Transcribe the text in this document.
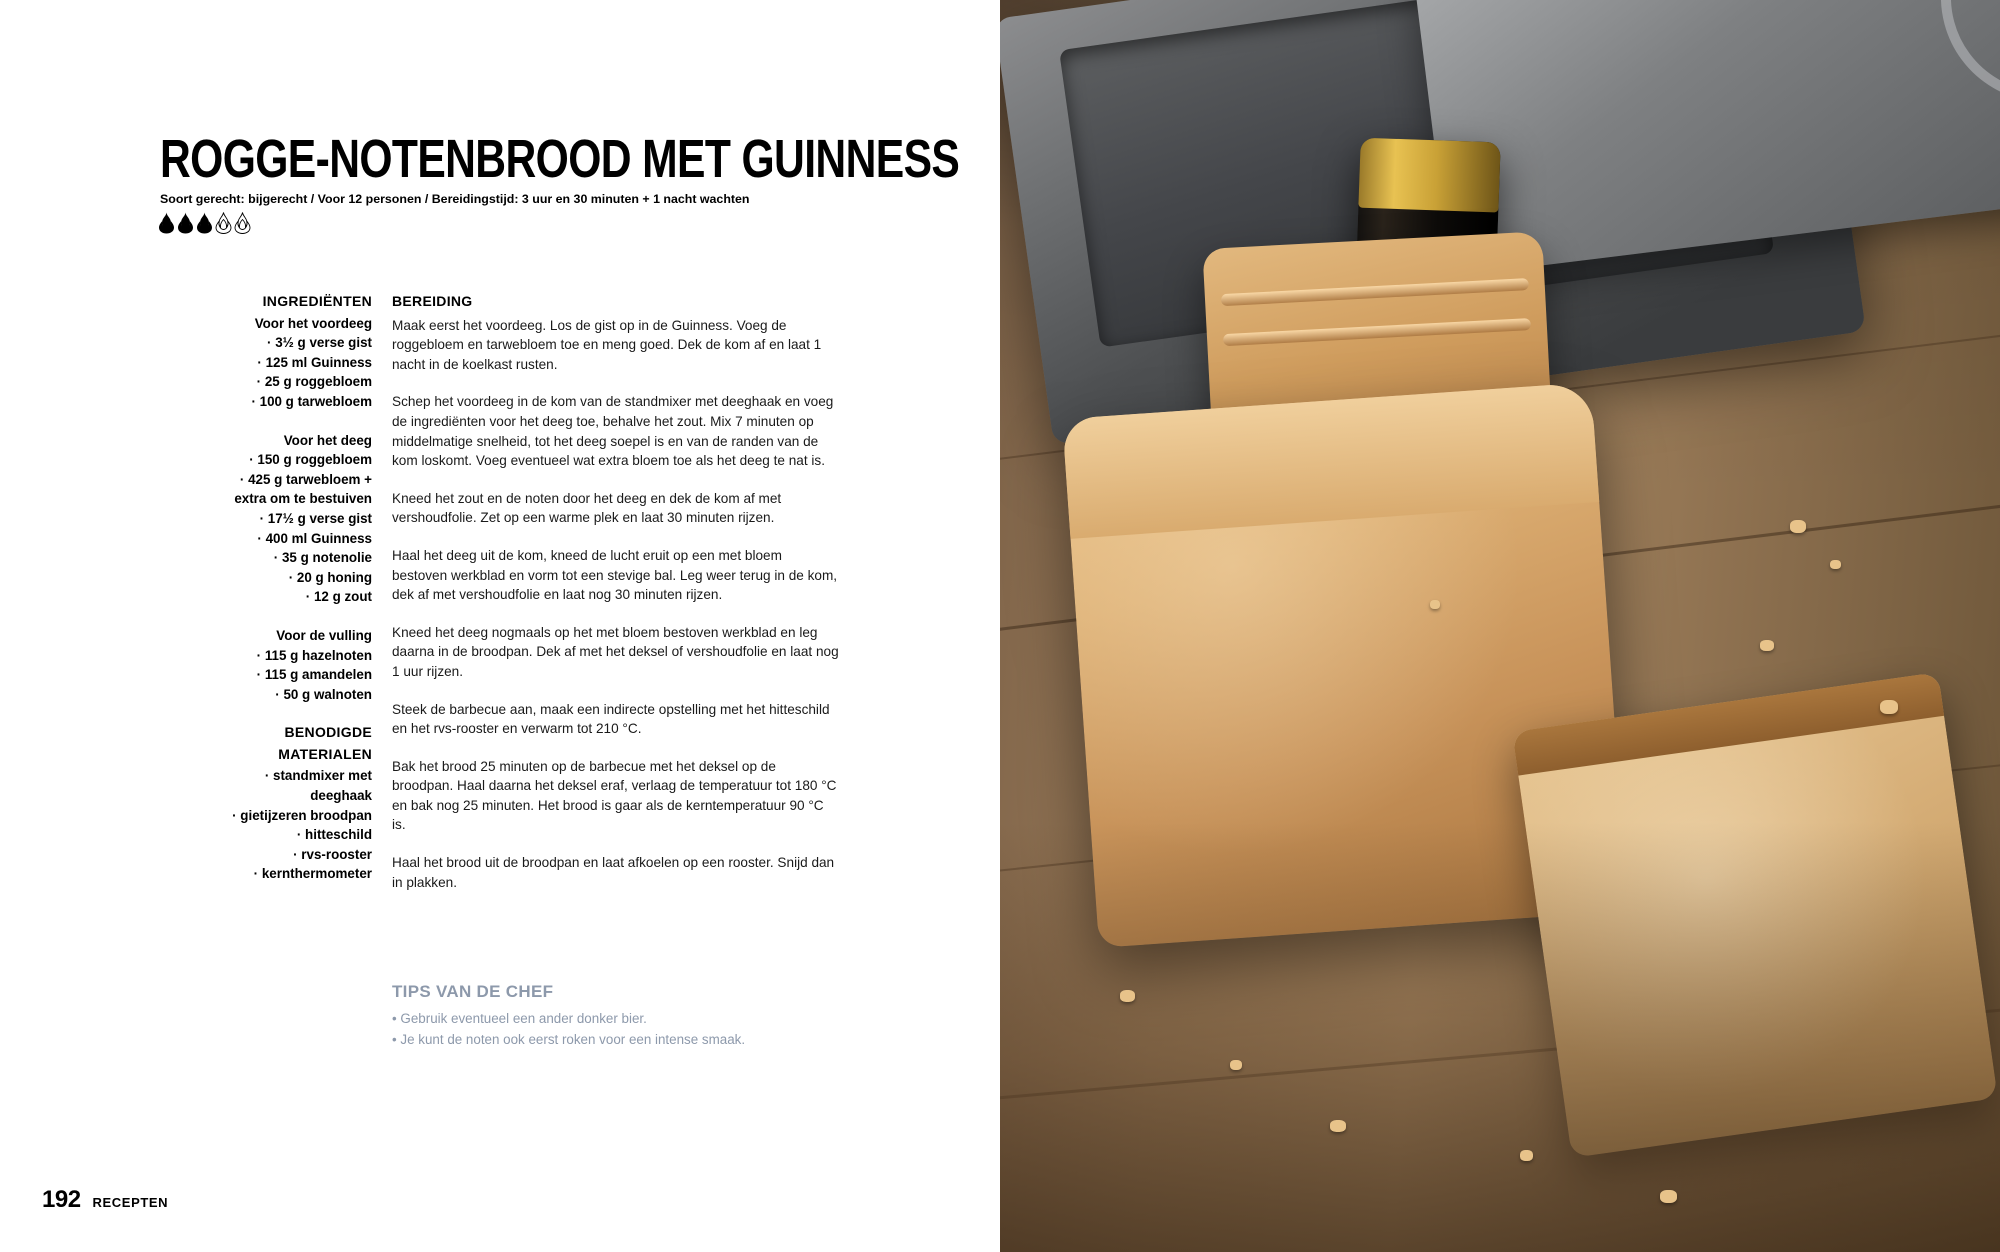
ROGGE-NOTENBROOD MET GUINNESS
Soort gerecht: bijgerecht / Voor 12 personen / Bereidingstijd: 3 uur en 30 minuten + 1 nacht wachten
INGREDIËNTEN
Voor het voordeeg
· 3½ g verse gist
· 125 ml Guinness
· 25 g roggebloem
· 100 g tarwebloem
Voor het deeg
· 150 g roggebloem
· 425 g tarwebloem +
extra om te bestuiven
· 17½ g verse gist
· 400 ml Guinness
· 35 g notenolie
· 20 g honing
· 12 g zout
Voor de vulling
· 115 g hazelnoten
· 115 g amandelen
· 50 g walnoten
BENODIGDE
MATERIALEN
· standmixer met
deeghaak
· gietijzeren broodpan
· hitteschild
· rvs-rooster
· kernthermometer
BEREIDING

Maak eerst het voordeeg. Los de gist op in de Guinness. Voeg de roggebloem en tarwebloem toe en meng goed. Dek de kom af en laat 1 nacht in de koelkast rusten.

Schep het voordeeg in de kom van de standmixer met deeghaak en voeg de ingrediënten voor het deeg toe, behalve het zout. Mix 7 minuten op middelmatige snelheid, tot het deeg soepel is en van de randen van de kom loskomt. Voeg eventueel wat extra bloem toe als het deeg te nat is.

Kneed het zout en de noten door het deeg en dek de kom af met vershoudfolie. Zet op een warme plek en laat 30 minuten rijzen.

Haal het deeg uit de kom, kneed de lucht eruit op een met bloem bestoven werkblad en vorm tot een stevige bal. Leg weer terug in de kom, dek af met vershoudfolie en laat nog 30 minuten rijzen.

Kneed het deeg nogmaals op het met bloem bestoven werkblad en leg daarna in de broodpan. Dek af met het deksel of vershoudfolie en laat nog 1 uur rijzen.

Steek de barbecue aan, maak een indirecte opstelling met het hitteschild en het rvs-rooster en verwarm tot 210 °C.

Bak het brood 25 minuten op de barbecue met het deksel op de broodpan. Haal daarna het deksel eraf, verlaag de temperatuur tot 180 °C en bak nog 25 minuten. Het brood is gaar als de kerntemperatuur 90 °C is.

Haal het brood uit de broodpan en laat afkoelen op een rooster. Snijd dan in plakken.

TIPS VAN DE CHEF
• Gebruik eventueel een ander donker bier.
• Je kunt de noten ook eerst roken voor een intense smaak.
192 RECEPTEN
